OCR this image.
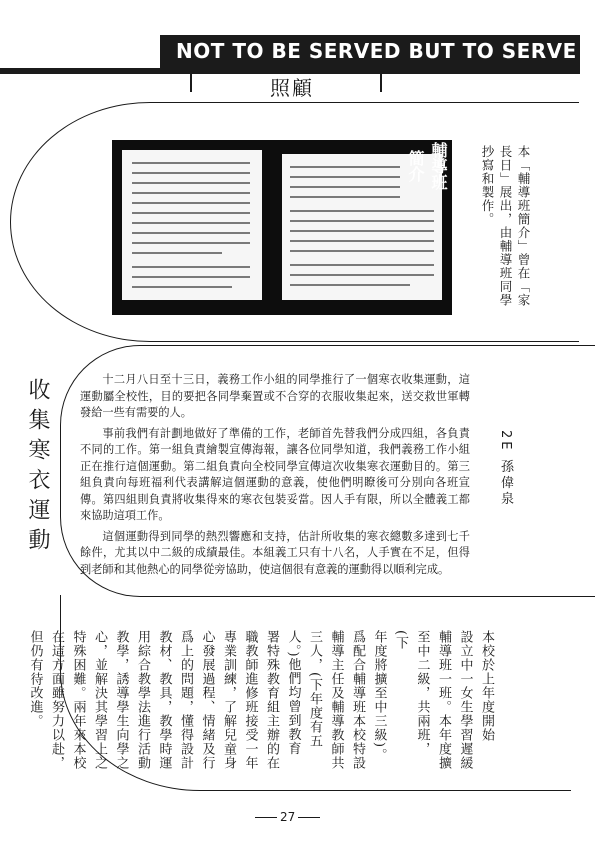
NOT TO BE SERVED BUT TO SERVE
照顧
輔導班簡介	本「輔導班簡介」曾在「家長日」展出，由輔導班同學抄寫和製作。
收集寒衣運動	十二月八日至十三日，義務工作小組的同學推行了一個寒衣收集運動，這運動屬全校性，目的要把各同學棄置或不合穿的衣服收集起來，送交救世軍轉發給一些有需要的人。

事前我們有計劃地做好了準備的工作，老師首先替我們分成四組，各負責不同的工作。第一組負責繪製宣傳海報，讓各位同學知道，我們義務工作小組正在推行這個運動。第二組負責向全校同學宣傳這次收集寒衣運動目的。第三組負責向每班福利代表講解這個運動的意義，使他們明瞭後可分別向各班宣傳。第四組則負責將收集得來的寒衣包裝妥當。因人手有限，所以全體義工都來協助這項工作。

這個運動得到同學的熱烈響應和支持，估計所收集的寒衣總數多達到七千餘件，尤其以中二級的成績最佳。本組義工只有十八名，人手實在不足，但得到老師和其他熱心的同學從旁協助，使這個很有意義的運動得以順利完成。

2E 孫偉泉
本校於上年度開始
設立中一女生學習遲緩
輔導班一班。本年度擴
至中二級，共兩班，(下
年度將擴至中三級)。
爲配合輔導班本校特設
輔導主任及輔導教師共
三人，(下年度有五
人。)他們均曾到教育
署特殊教育組主辦的在
職教師進修班接受一年
專業訓練，了解兒童身
心發展過程、情緒及行
爲上的問題，懂得設計
教材、教具，教學時運
用綜合教學法進行活動
教學，誘導學生向學之
心，並解決其學習上之
特殊困難。兩年來本校
在這方面雖努力以赴，
但仍有待改進。
27
